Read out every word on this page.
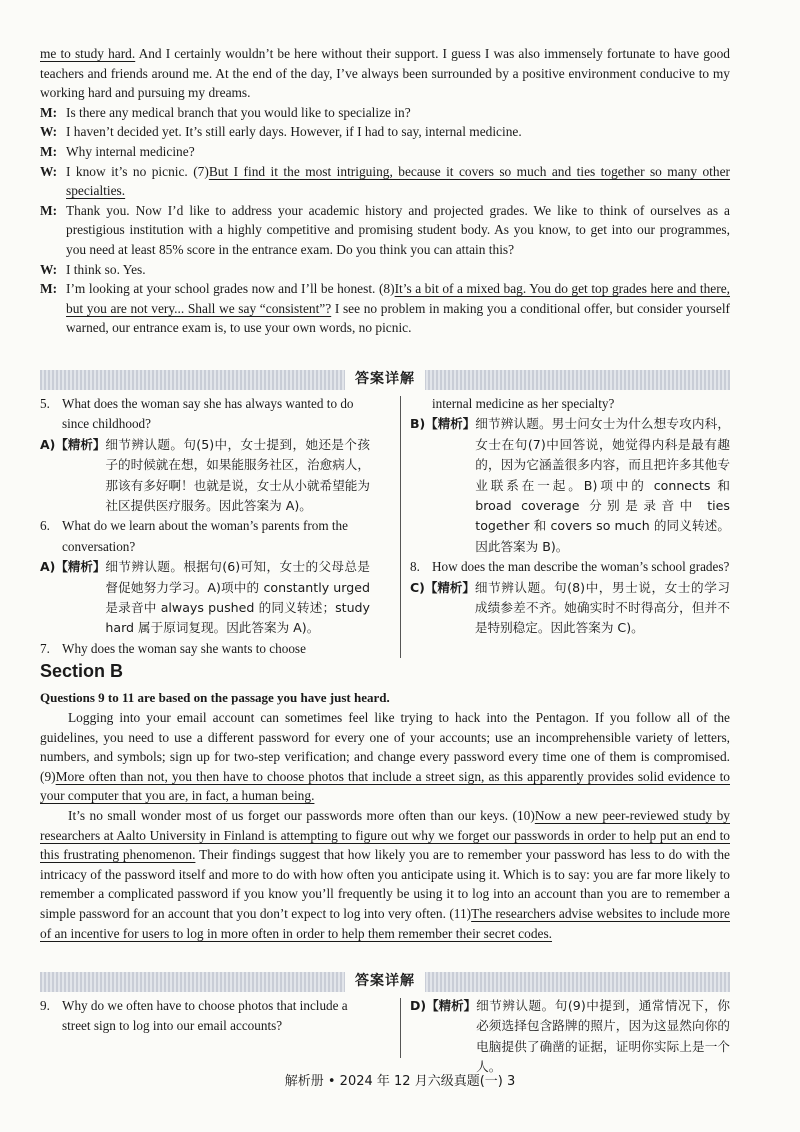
me to study hard. And I certainly wouldn’t be here without their support. I guess I was also immensely fortunate to have good teachers and friends around me. At the end of the day, I’ve always been surrounded by a positive environment conducive to my working hard and pursuing my dreams.

M: Is there any medical branch that you would like to specialize in?
W: I haven’t decided yet. It’s still early days. However, if I had to say, internal medicine.
M: Why internal medicine?
W: I know it’s no picnic. (7)But I find it the most intriguing, because it covers so much and ties together so many other specialties.
M: Thank you. Now I’d like to address your academic history and projected grades. We like to think of ourselves as a prestigious institution with a highly competitive and promising student body. As you know, to get into our programmes, you need at least 85% score in the entrance exam. Do you think you can attain this?
W: I think so. Yes.
M: I’m looking at your school grades now and I’ll be honest. (8)It’s a bit of a mixed bag. You do get top grades here and there, but you are not very... Shall we say “consistent”? I see no problem in making you a conditional offer, but consider yourself warned, our entrance exam is, to use your own words, no picnic.
答案详解
5. What does the woman say she has always wanted to do since childhood?
A)【精析】 细节辨认题。句(5)中，女士提到，她还是个孩子的时候就在想，如果能服务社区，治愈病人，那该有多好啊！也就是说，女士从小就希望能为社区提供医疗服务。因此答案为 A)。
6. What do we learn about the woman’s parents from the conversation?
A)【精析】 细节辨认题。根据句(6)可知，女士的父母总是督促她努力学习。A)项中的 constantly urged 是录音中 always pushed 的同义转述；study hard 属于原词复现。因此答案为 A)。
7. Why does the woman say she wants to choose
internal medicine as her specialty?
B)【精析】 细节辨认题。男士问女士为什么想专攻内科，女士在句(7)中回答说，她觉得内科是最有趣的，因为它涵盖很多内容，而且把许多其他专业联系在一起。B)项中的 connects 和 broad coverage 分别是录音中 ties together 和 covers so much 的同义转述。因此答案为 B)。
8. How does the man describe the woman’s school grades?
C)【精析】 细节辨认题。句(8)中，男士说，女士的学习成绩参差不齐。她确实时不时得高分，但并不是特别稳定。因此答案为 C)。
Section B
Questions 9 to 11 are based on the passage you have just heard.

Logging into your email account can sometimes feel like trying to hack into the Pentagon. If you follow all of the guidelines, you need to use a different password for every one of your accounts; use an incomprehensible variety of letters, numbers, and symbols; sign up for two-step verification; and change every password every time one of them is compromised. (9)More often than not, you then have to choose photos that include a street sign, as this apparently provides solid evidence to your computer that you are, in fact, a human being.

It’s no small wonder most of us forget our passwords more often than our keys. (10)Now a new peer-reviewed study by researchers at Aalto University in Finland is attempting to figure out why we forget our passwords in order to help put an end to this frustrating phenomenon. Their findings suggest that how likely you are to remember your password has less to do with the intricacy of the password itself and more to do with how often you anticipate using it. Which is to say: you are far more likely to remember a complicated password if you know you’ll frequently be using it to log into an account than you are to remember a simple password for an account that you don’t expect to log into very often. (11)The researchers advise websites to include more of an incentive for users to log in more often in order to help them remember their secret codes.

答案详解
9. Why do we often have to choose photos that include a street sign to log into our email accounts?
D)【精析】 细节辨认题。句(9)中提到，通常情况下，你必须选择包含路牌的照片，因为这显然向你的电脑提供了确凿的证据，证明你实际上是一个人。
解析册 • 2024 年 12 月六级真题(一) 3
